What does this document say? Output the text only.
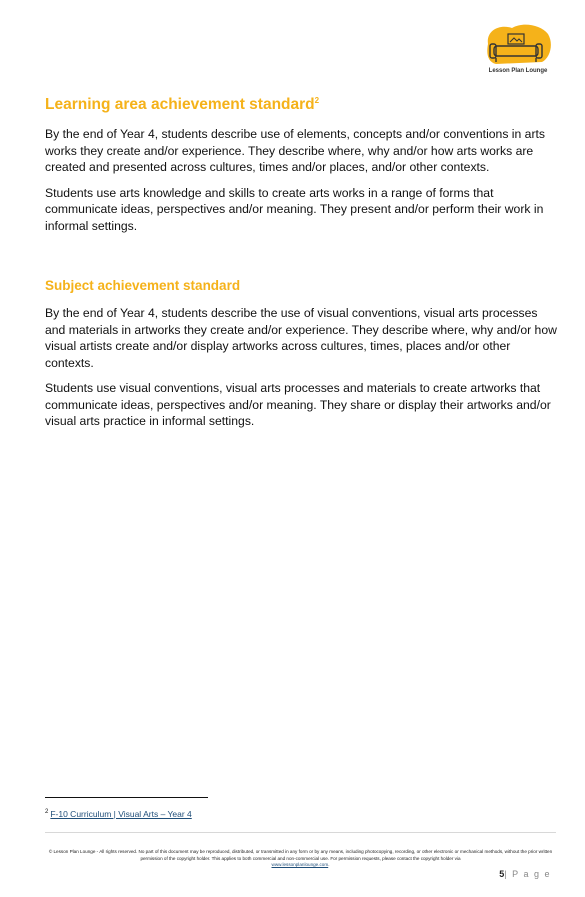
Lesson Plan Lounge
Learning area achievement standard$^2$

By the end of Year 4, students describe use of elements, concepts and/or conventions in arts works they create and/or experience. They describe where, why and/or how arts works are created and presented across cultures, times and/or places, and/or other contexts.

Students use arts knowledge and skills to create arts works in a range of forms that communicate ideas, perspectives and/or meaning. They present and/or perform their work in informal settings.

Subject achievement standard

By the end of Year 4, students describe the use of visual conventions, visual arts processes and materials in artworks they create and/or experience. They describe where, why and/or how visual artists create and/or display artworks across cultures, times, places and/or other contexts.

Students use visual conventions, visual arts processes and materials to create artworks that communicate ideas, perspectives and/or meaning. They share or display their artworks and/or visual arts practice in informal settings.

$^2$ F-10 Curriculum | Visual Arts – Year 4
© Lesson Plan Lounge - All rights reserved. No part of this document may be reproduced, distributed, or transmitted in any form or by any means, including photocopying, recording, or other electronic or mechanical methods, without the prior written permission of the copyright holder. This applies to both commercial and non-commercial use. For permission requests, please contact the copyright holder via
www.lessonplanlounge.com.
5| P a g e
